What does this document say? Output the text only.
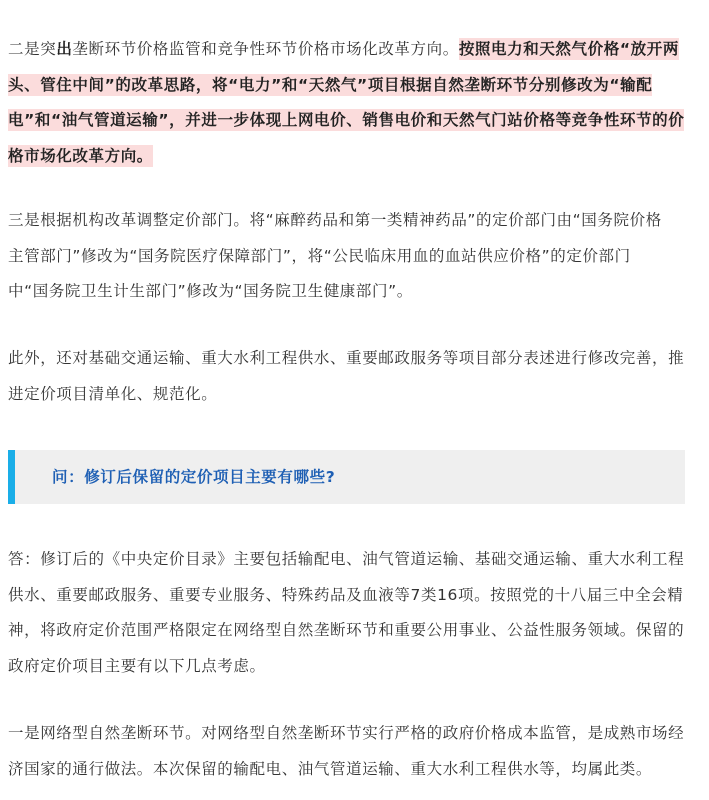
二是突出垄断环节价格监管和竞争性环节价格市场化改革方向。按照电力和天然气价格“放开两头、管住中间”的改革思路，将“电力”和“天然气”项目根据自然垄断环节分别修改为“输配电”和“油气管道运输”，并进一步体现上网电价、销售电价和天然气门站价格等竞争性环节的价格市场化改革方向。

三是根据机构改革调整定价部门。将“麻醉药品和第一类精神药品”的定价部门由“国务院价格
主管部门”修改为“国务院医疗保障部门”，将“公民临床用血的血站供应价格”的定价部门
中“国务院卫生计生部门”修改为“国务院卫生健康部门”。

此外，还对基础交通运输、重大水利工程供水、重要邮政服务等项目部分表述进行修改完善，推进定价项目清单化、规范化。

问：修订后保留的定价项目主要有哪些?

答：修订后的《中央定价目录》主要包括输配电、油气管道运输、基础交通运输、重大水利工程供水、重要邮政服务、重要专业服务、特殊药品及血液等7类16项。按照党的十八届三中全会精神，将政府定价范围严格限定在网络型自然垄断环节和重要公用事业、公益性服务领域。保留的政府定价项目主要有以下几点考虑。

一是网络型自然垄断环节。对网络型自然垄断环节实行严格的政府价格成本监管，是成熟市场经济国家的通行做法。本次保留的输配电、油气管道运输、重大水利工程供水等，均属此类。
